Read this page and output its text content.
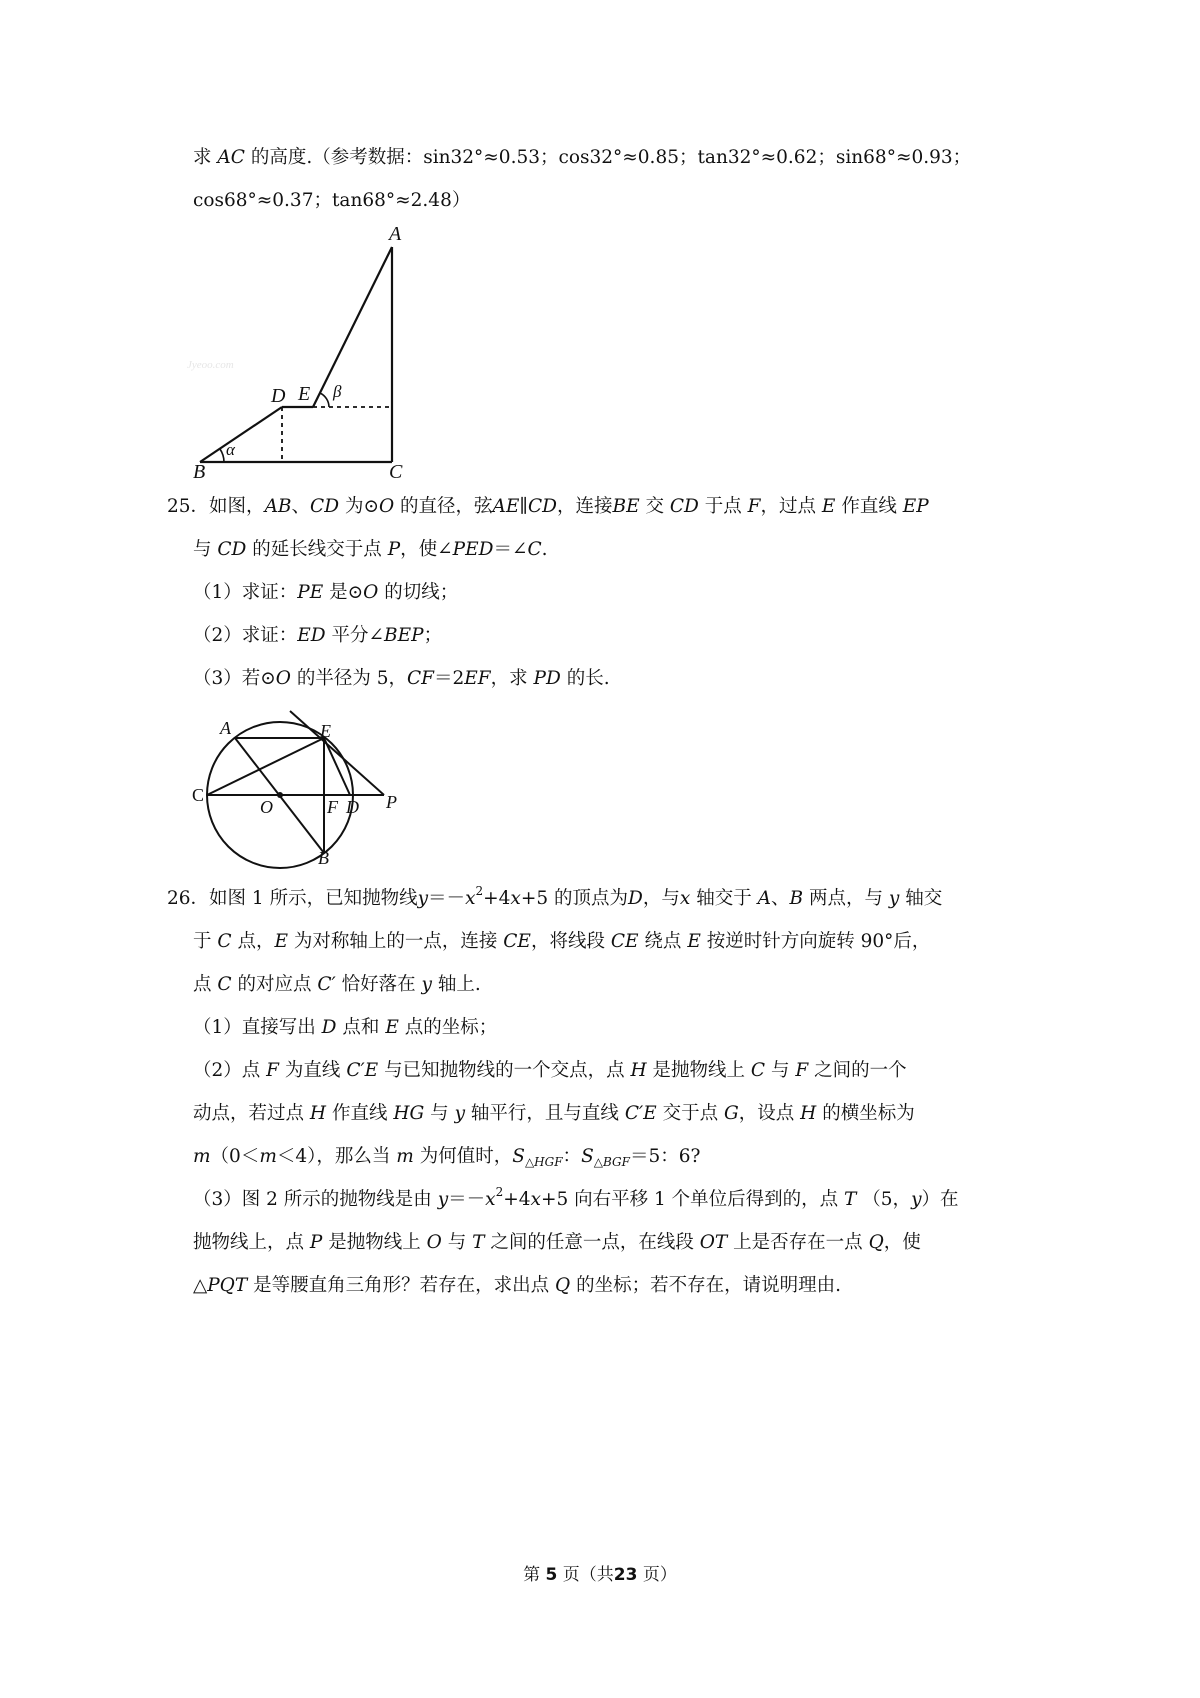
求 AC 的高度.（参考数据：sin32°≈0.53；cos32°≈0.85；tan32°≈0.62；sin68°≈0.93；
cos68°≈0.37；tan68°≈2.48）
A
B	C
D E
α
β
Jyeoo.com
25．如图，AB、CD 为⊙O 的直径，弦AE∥CD，连接BE 交 CD 于点 F，过点 E 作直线 EP
与 CD 的延长线交于点 P，使∠PED＝∠C.
（1）求证：PE 是⊙O 的切线；
（2）求证：ED 平分∠BEP；
（3）若⊙O 的半径为 5，CF＝2EF，求 PD 的长.
A	E
C
O	F D P
B
26．如图 1 所示，已知抛物线$y=-x^2+4x+5$ 的顶点为D，与x 轴交于 A、B 两点，与 y 轴交
于 C 点，E 为对称轴上的一点，连接 CE，将线段 CE 绕点 E 按逆时针方向旋转 90°后，
点 C 的对应点 C′ 恰好落在 y 轴上.
（1）直接写出 D 点和 E 点的坐标；
（2）点 F 为直线 C′E 与已知抛物线的一个交点，点 H 是抛物线上 C 与 F 之间的一个
动点，若过点 H 作直线 HG 与 y 轴平行，且与直线 C′E 交于点 G，设点 H 的横坐标为
m（0＜m＜4），那么当 m 为何值时，$S_{\triangle HGF}$：$S_{\triangle BGF}=5$：6?
（3）图 2 所示的抛物线是由 $y=-x^2+4x+5$ 向右平移 1 个单位后得到的，点 T （5，y）在
抛物线上，点 P 是抛物线上 O 与 T 之间的任意一点，在线段 OT 上是否存在一点 Q，使
△PQT 是等腰直角三角形？若存在，求出点 Q 的坐标；若不存在，请说明理由.
第 5 页（共23 页）
